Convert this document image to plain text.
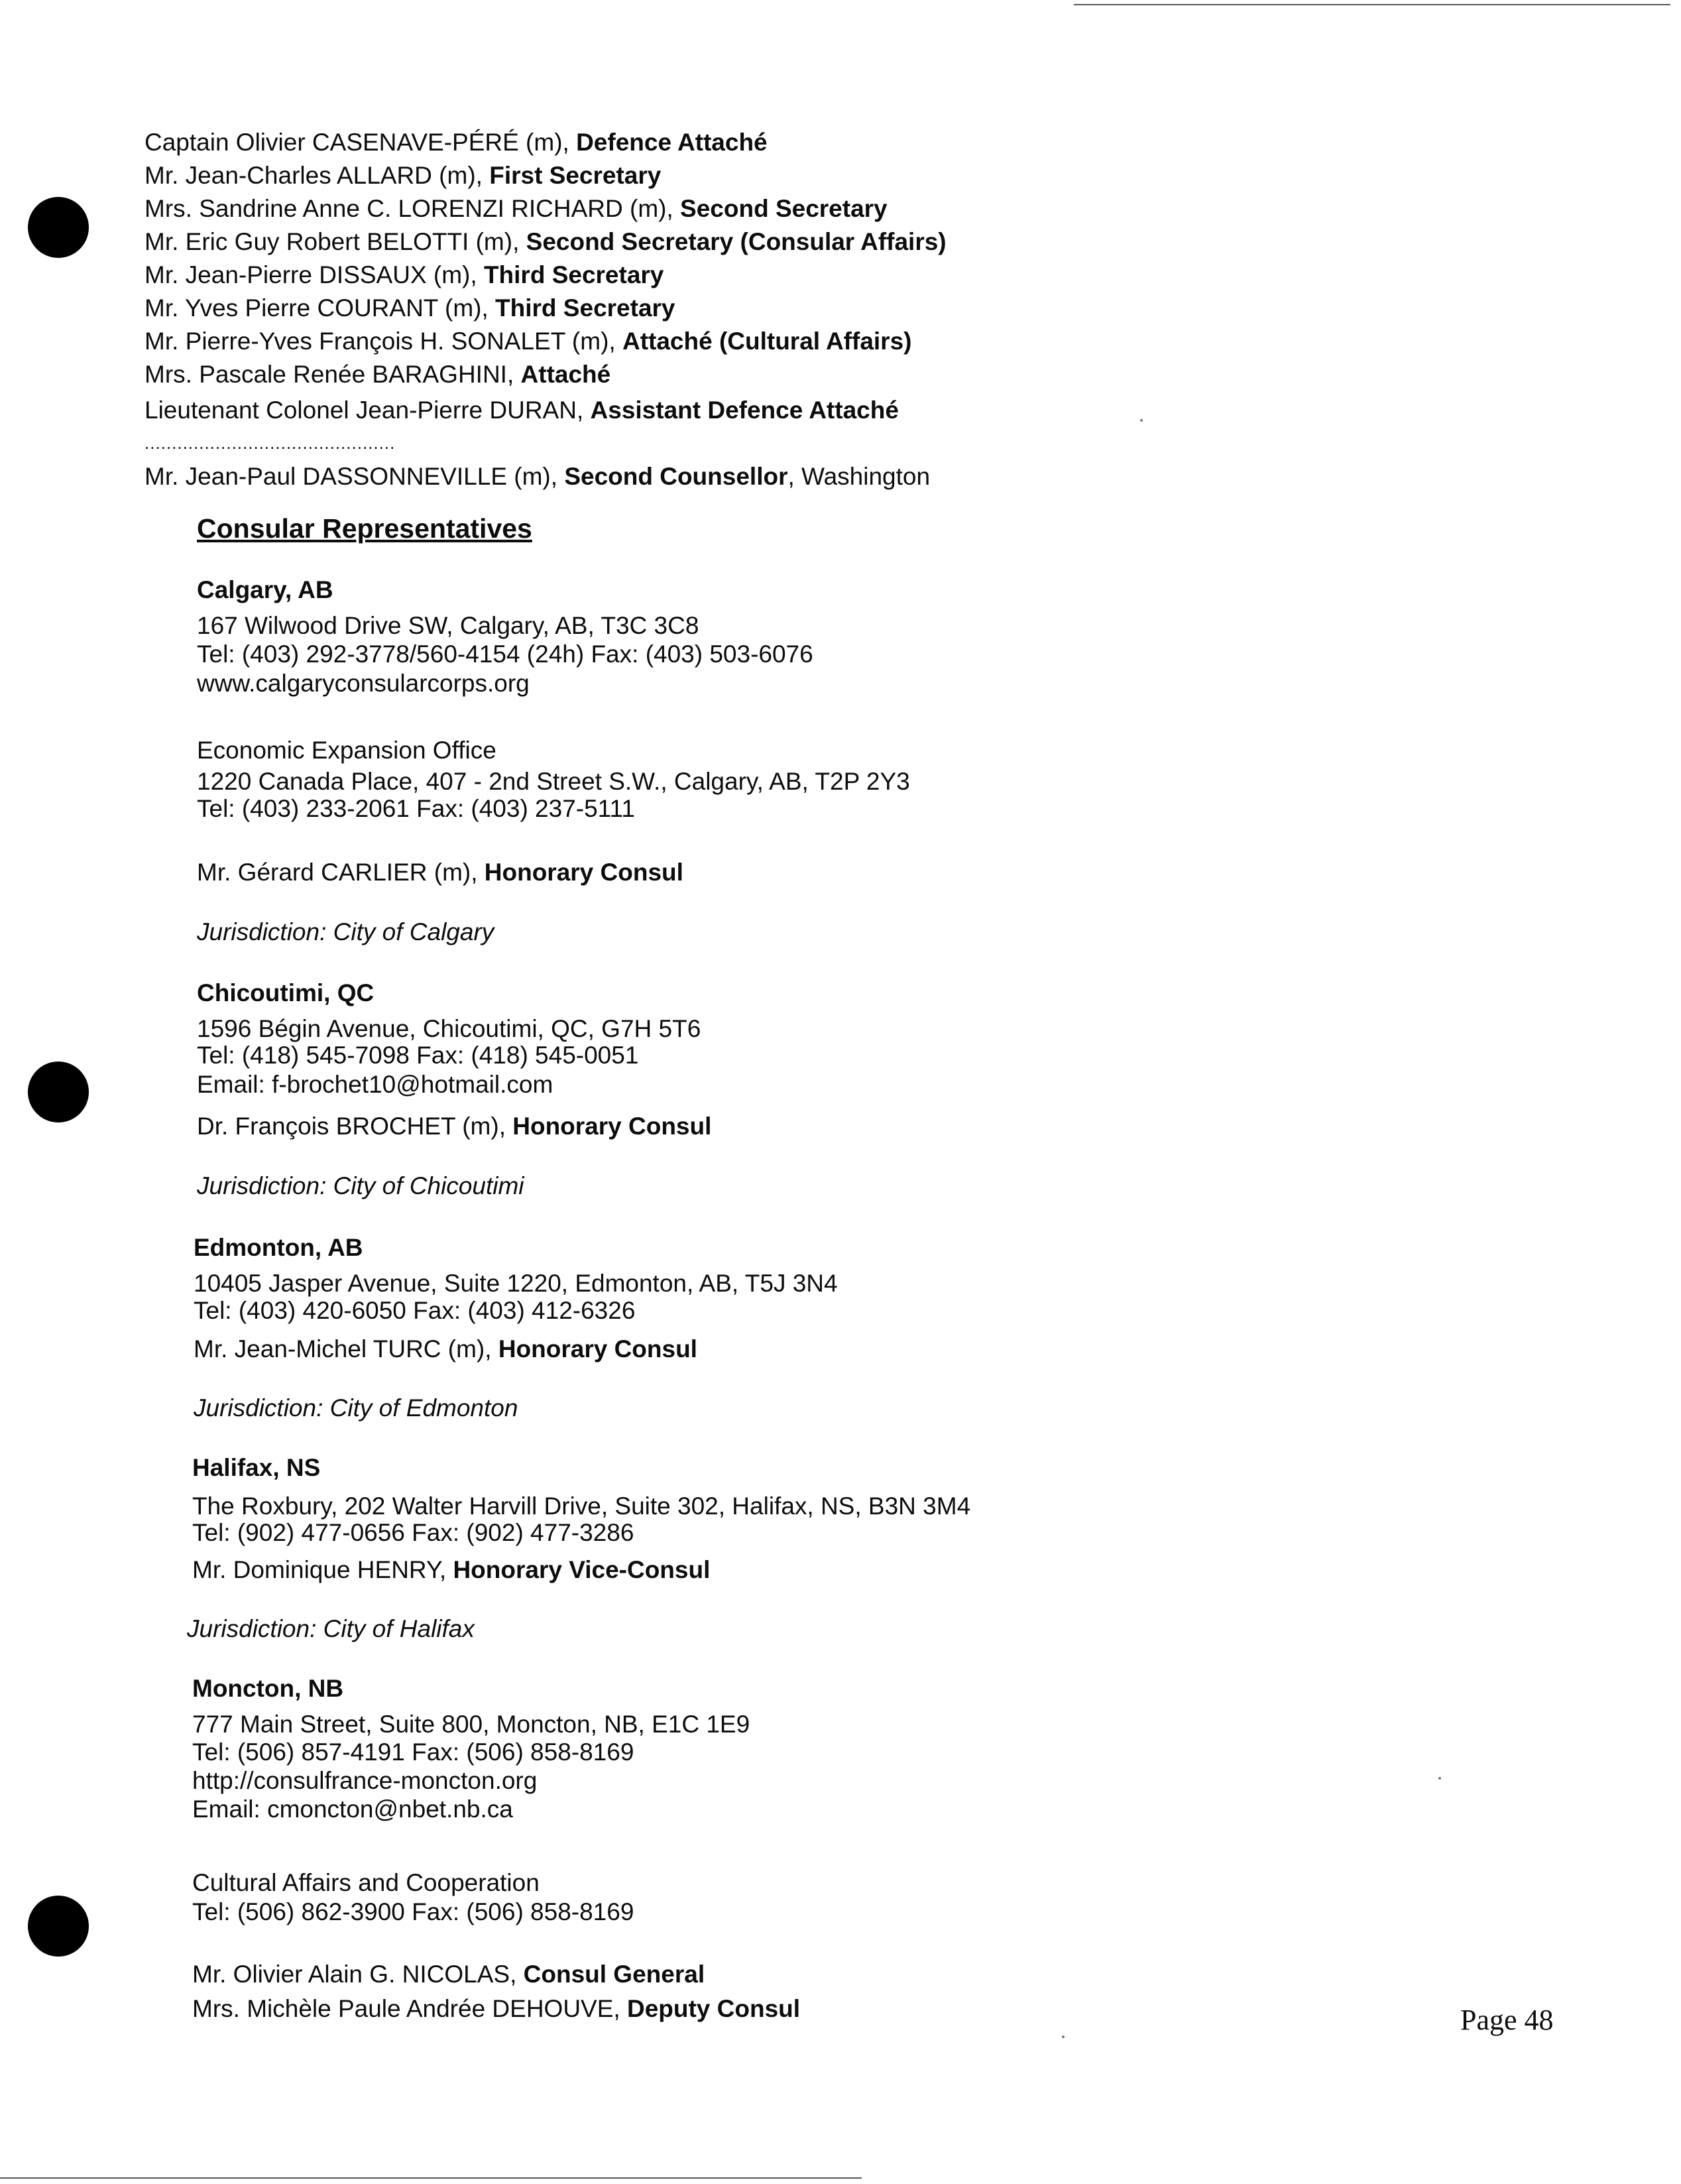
Captain Olivier CASENAVE-PÉRÉ (m), Defence Attaché
Mr. Jean-Charles ALLARD (m), First Secretary
Mrs. Sandrine Anne C. LORENZI RICHARD (m), Second Secretary
Mr. Eric Guy Robert BELOTTI (m), Second Secretary (Consular Affairs)
Mr. Jean-Pierre DISSAUX (m), Third Secretary
Mr. Yves Pierre COURANT (m), Third Secretary
Mr. Pierre-Yves François H. SONALET (m), Attaché (Cultural Affairs)
Mrs. Pascale Renée BARAGHINI, Attaché
Lieutenant Colonel Jean-Pierre DURAN, Assistant Defence Attaché
..............................................
Mr. Jean-Paul DASSONNEVILLE (m), Second Counsellor, Washington
Consular Representatives
Calgary, AB
167 Wilwood Drive SW, Calgary, AB, T3C 3C8
Tel: (403) 292-3778/560-4154 (24h) Fax: (403) 503-6076
www.calgaryconsularcorps.org
Economic Expansion Office
1220 Canada Place, 407 - 2nd Street S.W., Calgary, AB, T2P 2Y3
Tel: (403) 233-2061 Fax: (403) 237-5111
Mr. Gérard CARLIER (m), Honorary Consul
Jurisdiction: City of Calgary
Chicoutimi, QC
1596 Bégin Avenue, Chicoutimi, QC, G7H 5T6
Tel: (418) 545-7098 Fax: (418) 545-0051
Email: f-brochet10@hotmail.com
Dr. François BROCHET (m), Honorary Consul
Jurisdiction: City of Chicoutimi
Edmonton, AB
10405 Jasper Avenue, Suite 1220, Edmonton, AB, T5J 3N4
Tel: (403) 420-6050 Fax: (403) 412-6326
Mr. Jean-Michel TURC (m), Honorary Consul
Jurisdiction: City of Edmonton
Halifax, NS
The Roxbury, 202 Walter Harvill Drive, Suite 302, Halifax, NS, B3N 3M4
Tel: (902) 477-0656 Fax: (902) 477-3286
Mr. Dominique HENRY, Honorary Vice-Consul
Jurisdiction: City of Halifax
Moncton, NB
777 Main Street, Suite 800, Moncton, NB, E1C 1E9
Tel: (506) 857-4191 Fax: (506) 858-8169
http://consulfrance-moncton.org
Email: cmoncton@nbet.nb.ca
Cultural Affairs and Cooperation
Tel: (506) 862-3900 Fax: (506) 858-8169
Mr. Olivier Alain G. NICOLAS, Consul General
Mrs. Michèle Paule Andrée DEHOUVE, Deputy Consul	Page 48
